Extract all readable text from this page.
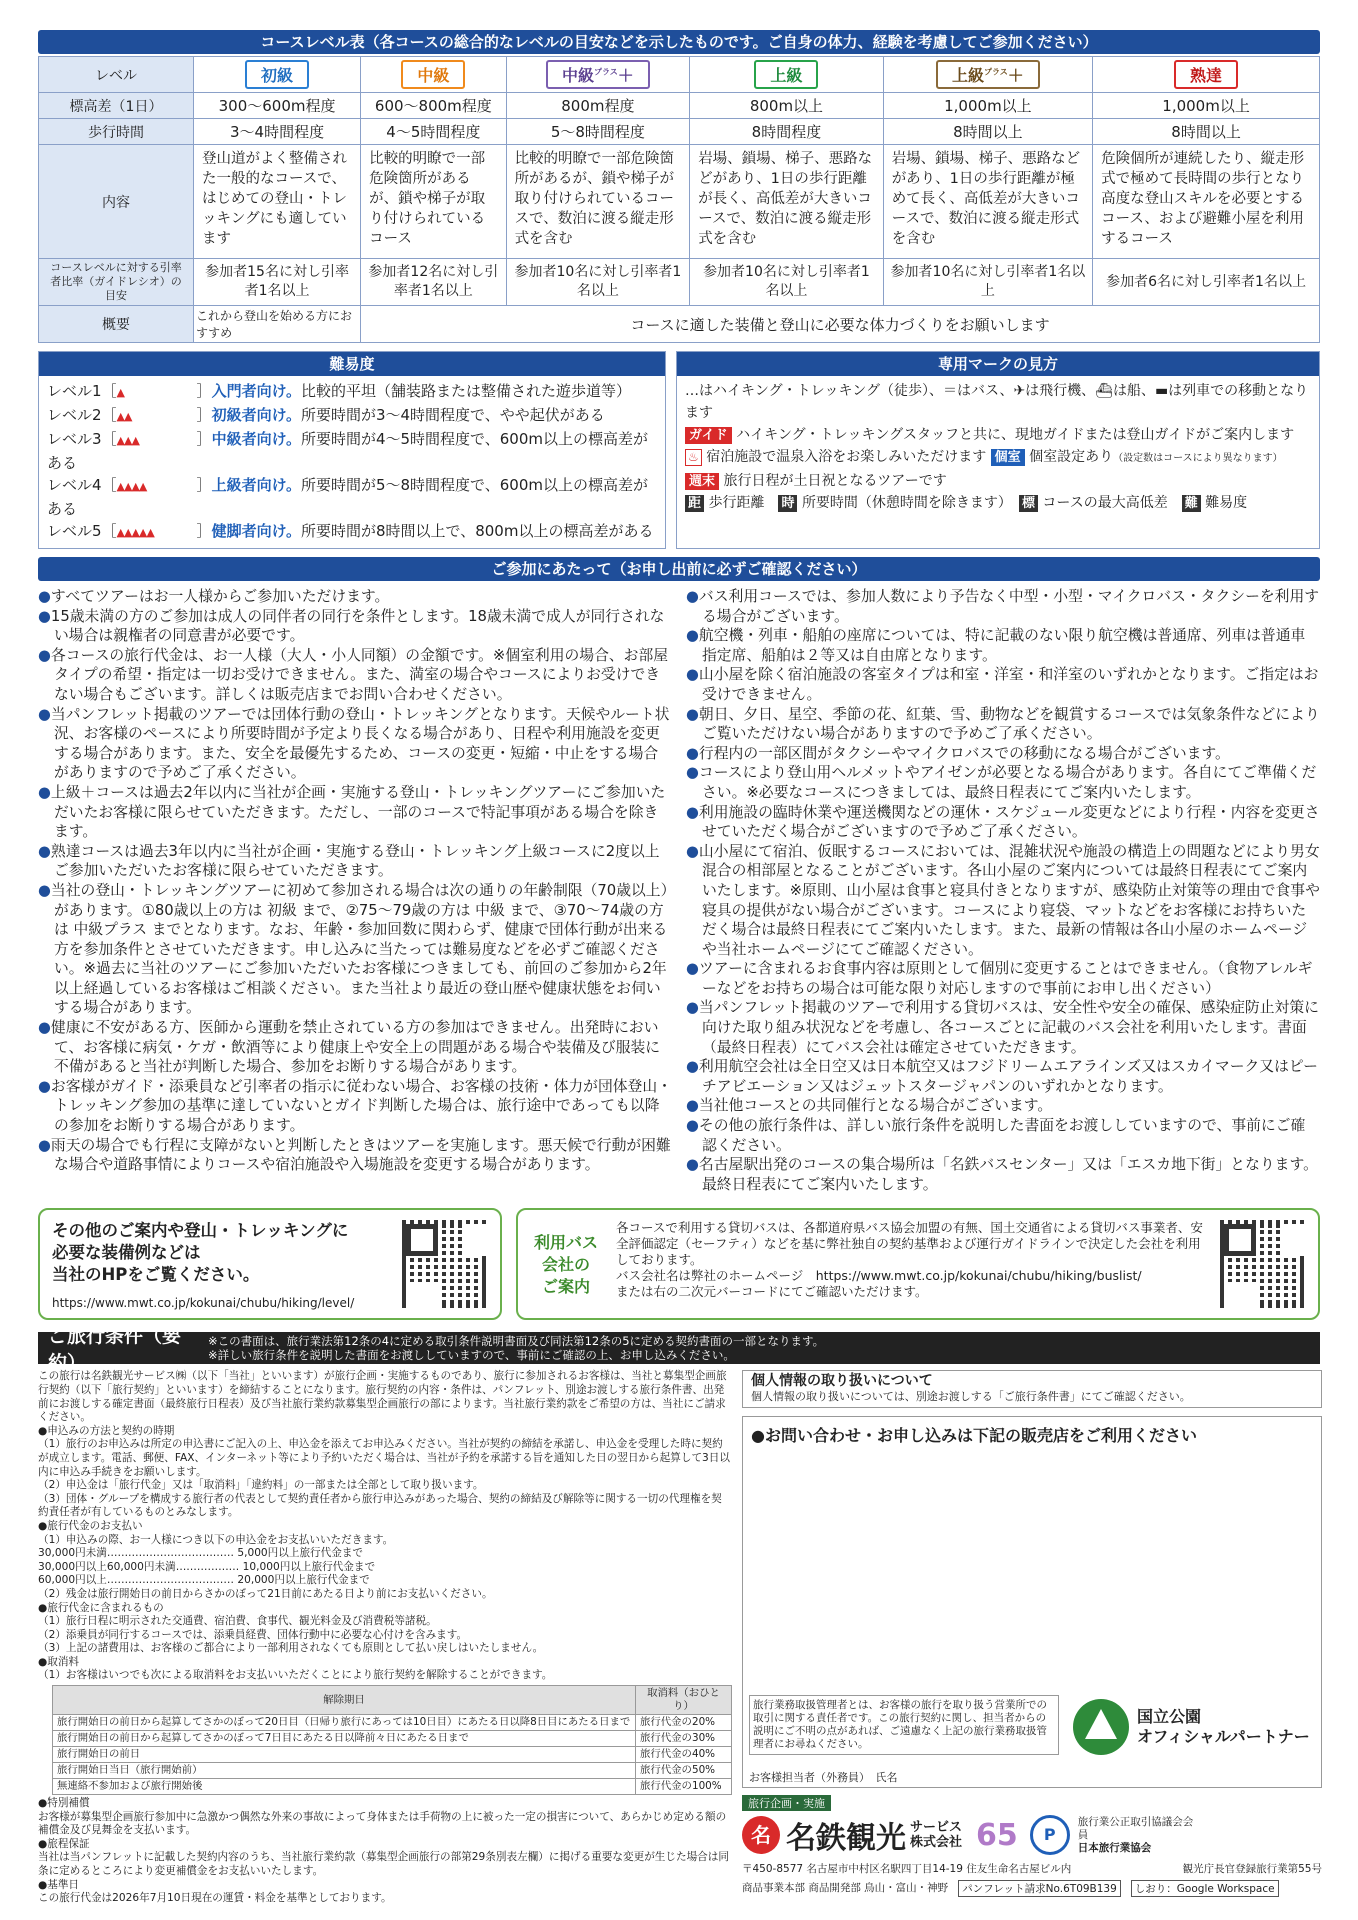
コースレベル表（各コースの総合的なレベルの目安などを示したものです。ご自身の体力、経験を考慮してご参加ください）
レベル	初級	中級	中級$^{プラス}$＋	上級	上級$^{プラス}$＋	熟達
標高差（1日）	300～600m程度	600～800m程度	800m程度	800m以上	1,000m以上	1,000m以上
歩行時間	3～4時間程度	4～5時間程度	5～8時間程度	8時間程度	8時間以上	8時間以上
内容	登山道がよく整備された一般的なコースで、はじめての登山・トレッキングにも適しています	比較的明瞭で一部危険箇所があるが、鎖や梯子が取り付けられているコース	比較的明瞭で一部危険箇所があるが、鎖や梯子が取り付けられているコースで、数泊に渡る縦走形式を含む	岩場、鎖場、梯子、悪路などがあり、1日の歩行距離が長く、高低差が大きいコースで、数泊に渡る縦走形式を含む	岩場、鎖場、梯子、悪路などがあり、1日の歩行距離が極めて長く、高低差が大きいコースで、数泊に渡る縦走形式を含む	危険個所が連続したり、縦走形式で極めて長時間の歩行となり高度な登山スキルを必要とするコース、および避難小屋を利用するコース
コースレベルに対する引率者比率（ガイドレシオ）の目安	参加者15名に対し引率者1名以上	参加者12名に対し引率者1名以上	参加者10名に対し引率者1名以上	参加者10名に対し引率者1名以上	参加者10名に対し引率者1名以上	参加者6名に対し引率者1名以上
概要	これから登山を始める方におすすめ	コースに適した装備と登山に必要な体力づくりをお願いします				
難易度
レベル1［▲	］入門者向け。比較的平坦（舗装路または整備された遊歩道等）
レベル2［▲▲	］初級者向け。所要時間が3～4時間程度で、やや起伏がある
レベル3［▲▲▲	］中級者向け。所要時間が4～5時間程度で、600m以上の標高差がある
レベル4［▲▲▲▲	］上級者向け。所要時間が5～8時間程度で、600m以上の標高差がある
レベル5［▲▲▲▲▲	］健脚者向け。所要時間が8時間以上で、800m以上の標高差がある
専用マークの見方
…はハイキング・トレッキング（徒歩）、＝はバス、✈は飛行機、⛴は船、▬は列車での移動となります
ガイド ハイキング・トレッキングスタッフと共に、現地ガイドまたは登山ガイドがご案内します
♨ 宿泊施設で温泉入浴をお楽しみいただけます 個室 個室設定あり（設定数はコースにより異なります）
週末 旅行日程が土日祝となるツアーです
距 歩行距離　 時 所要時間（休憩時間を除きます）　 標 コースの最大高低差　 難 難易度
ご参加にあたって（お申し出前に必ずご確認ください）

● すべてツアーはお一人様からご参加いただけます。

● 15歳未満の方のご参加は成人の同伴者の同行を条件とします。18歳未満で成人が同行されない場合は親権者の同意書が必要です。

● 各コースの旅行代金は、お一人様（大人・小人同額）の金額です。※個室利用の場合、お部屋タイプの希望・指定は一切お受けできません。また、満室の場合やコースによりお受けできない場合もございます。詳しくは販売店までお問い合わせください。

● 当パンフレット掲載のツアーでは団体行動の登山・トレッキングとなります。天候やルート状況、お客様のペースにより所要時間が予定より長くなる場合があり、日程や利用施設を変更する場合があります。また、安全を最優先するため、コースの変更・短縮・中止をする場合がありますので予めご了承ください。

● 上級＋コースは過去2年以内に当社が企画・実施する登山・トレッキングツアーにご参加いただいたお客様に限らせていただきます。ただし、一部のコースで特記事項がある場合を除きます。

● 熟達コースは過去3年以内に当社が企画・実施する登山・トレッキング上級コースに2度以上ご参加いただいたお客様に限らせていただきます。

● 当社の登山・トレッキングツアーに初めて参加される場合は次の通りの年齢制限（70歳以上）があります。①80歳以上の方は 初級 まで、②75～79歳の方は 中級 まで、③70～74歳の方は 中級プラス までとなります。なお、年齢・参加回数に関わらず、健康で団体行動が出来る方を参加条件とさせていただきます。申し込みに当たっては難易度などを必ずご確認ください。※過去に当社のツアーにご参加いただいたお客様につきましても、前回のご参加から2年以上経過しているお客様はご相談ください。また当社より最近の登山歴や健康状態をお伺いする場合があります。

● 健康に不安がある方、医師から運動を禁止されている方の参加はできません。出発時において、お客様に病気・ケガ・飲酒等により健康上や安全上の問題がある場合や装備及び服装に不備があると当社が判断した場合、参加をお断りする場合があります。

● お客様がガイド・添乗員など引率者の指示に従わない場合、お客様の技術・体力が団体登山・トレッキング参加の基準に達していないとガイド判断した場合は、旅行途中であっても以降の参加をお断りする場合があります。

● 雨天の場合でも行程に支障がないと判断したときはツアーを実施します。悪天候で行動が困難な場合や道路事情によりコースや宿泊施設や入場施設を変更する場合があります。

● バス利用コースでは、参加人数により予告なく中型・小型・マイクロバス・タクシーを利用する場合がございます。

● 航空機・列車・船舶の座席については、特に記載のない限り航空機は普通席、列車は普通車指定席、船舶は２等又は自由席となります。

● 山小屋を除く宿泊施設の客室タイプは和室・洋室・和洋室のいずれかとなります。ご指定はお受けできません。

● 朝日、夕日、星空、季節の花、紅葉、雪、動物などを観賞するコースでは気象条件などによりご覧いただけない場合がありますので予めご了承ください。

● 行程内の一部区間がタクシーやマイクロバスでの移動になる場合がございます。

● コースにより登山用ヘルメットやアイゼンが必要となる場合があります。各自にてご準備ください。※必要なコースにつきましては、最終日程表にてご案内いたします。

● 利用施設の臨時休業や運送機関などの運休・スケジュール変更などにより行程・内容を変更させていただく場合がございますので予めご了承ください。

● 山小屋にて宿泊、仮眠するコースにおいては、混雑状況や施設の構造上の問題などにより男女混合の相部屋となることがございます。各山小屋のご案内については最終日程表にてご案内いたします。※原則、山小屋は食事と寝具付きとなりますが、感染防止対策等の理由で食事や寝具の提供がない場合がございます。コースにより寝袋、マットなどをお客様にお持ちいただく場合は最終日程表にてご案内いたします。また、最新の情報は各山小屋のホームページや当社ホームページにてご確認ください。

● ツアーに含まれるお食事内容は原則として個別に変更することはできません。（食物アレルギーなどをお持ちの場合は可能な限り対応しますので事前にお申し出ください）

● 当パンフレット掲載のツアーで利用する貸切バスは、安全性や安全の確保、感染症防止対策に向けた取り組み状況などを考慮し、各コースごとに記載のバス会社を利用いたします。書面（最終日程表）にてバス会社は確定させていただきます。

● 利用航空会社は全日空又は日本航空又はフジドリームエアラインズ又はスカイマーク又はピーチアビエーション又はジェットスタージャパンのいずれかとなります。

● 当社他コースとの共同催行となる場合がございます。

● その他の旅行条件は、詳しい旅行条件を説明した書面をお渡ししていますので、事前にご確認ください。

● 名古屋駅出発のコースの集合場所は「名鉄バスセンター」又は「エスカ地下街」となります。最終日程表にてご案内いたします。

その他のご案内や登山・トレッキングに
必要な装備例などは
当社のHPをご覧ください。
https://www.mwt.co.jp/kokunai/chubu/hiking/level/
利用バス
会社の
ご案内
各コースで利用する貸切バスは、各都道府県バス協会加盟の有無、国土交通省による貸切バス事業者、安全評価認定（セーフティ）などを基に弊社独自の契約基準および運行ガイドラインで決定した会社を利用しております。
バス会社名は弊社のホームページ　https://www.mwt.co.jp/kokunai/chubu/hiking/buslist/
または右の二次元バーコードにてご確認いただけます。
ご旅行条件（要約）
※この書面は、旅行業法第12条の4に定める取引条件説明書面及び同法第12条の5に定める契約書面の一部となります。
※詳しい旅行条件を説明した書面をお渡ししていますので、事前にご確認の上、お申し込みください。
この旅行は名鉄観光サービス㈱（以下「当社」といいます）が旅行企画・実施するものであり、旅行に参加されるお客様は、当社と募集型企画旅行契約（以下「旅行契約」といいます）を締結することになります。旅行契約の内容・条件は、パンフレット、別途お渡しする旅行条件書、出発前にお渡しする確定書面（最終旅行日程表）及び当社旅行業約款募集型企画旅行の部によります。当社旅行業約款をご希望の方は、当社にご請求ください。
●申込みの方法と契約の時期
（1）旅行のお申込みは所定の申込書にご記入の上、申込金を添えてお申込みください。当社が契約の締結を承諾し、申込金を受理した時に契約が成立します。電話、郵便、FAX、インターネット等により予約いただく場合は、当社が予約を承諾する旨を通知した日の翌日から起算して3日以内に申込み手続きをお願いします。
（2）申込金は「旅行代金」又は「取消料」「違約料」の一部または全部として取り扱います。
（3）団体・グループを構成する旅行者の代表として契約責任者から旅行申込みがあった場合、契約の締結及び解除等に関する一切の代理権を契約責任者が有しているものとみなします。
●旅行代金のお支払い
（1）申込みの際、お一人様につき以下の申込金をお支払いいただきます。
30,000円未満……………………………… 5,000円以上旅行代金まで
30,000円以上60,000円未満……………… 10,000円以上旅行代金まで
60,000円以上……………………………… 20,000円以上旅行代金まで
（2）残金は旅行開始日の前日からさかのぼって21日前にあたる日より前にお支払いください。
●旅行代金に含まれるもの
（1）旅行日程に明示された交通費、宿泊費、食事代、観光料金及び消費税等諸税。
（2）添乗員が同行するコースでは、添乗員経費、団体行動中に必要な心付けを含みます。
（3）上記の諸費用は、お客様のご都合により一部利用されなくても原則として払い戻しはいたしません。
●取消料
（1）お客様はいつでも次による取消料をお支払いいただくことにより旅行契約を解除することができます。
解除期日	取消料（おひとり）
旅行開始日の前日から起算してさかのぼって20日目（日帰り旅行にあっては10日目）にあたる日以降8日目にあたる日まで	旅行代金の20%
旅行開始日の前日から起算してさかのぼって7日目にあたる日以降前々日にあたる日まで	旅行代金の30%
旅行開始日の前日	旅行代金の40%
旅行開始日当日（旅行開始前）	旅行代金の50%
無連絡不参加および旅行開始後	旅行代金の100%
●特別補償
お客様が募集型企画旅行参加中に急激かつ偶然な外来の事故によって身体または手荷物の上に被った一定の損害について、あらかじめ定める額の補償金及び見舞金を支払います。
●旅程保証
当社は当パンフレットに記載した契約内容のうち、当社旅行業約款（募集型企画旅行の部第29条別表左欄）に掲げる重要な変更が生じた場合は同条に定めるところにより変更補償金をお支払いいたします。
●基準日
この旅行代金は2026年7月10日現在の運賃・料金を基準としております。
個人情報の取り扱いについて
個人情報の取り扱いについては、別途お渡しする「ご旅行条件書」にてご確認ください。
●お問い合わせ・お申し込みは下記の販売店をご利用ください
旅行業務取扱管理者とは、お客様の旅行を取り扱う営業所での取引に関する責任者です。この旅行契約に関し、担当者からの説明にご不明の点があれば、ご遠慮なく上記の旅行業務取扱管理者にお尋ねください。
お客様担当者（外務員）　氏名
国立公園
オフィシャルパートナー
旅行企画・実施
名 名鉄観光 サービス
株式会社 65	P
旅行業公正取引協議会会員
日本旅行業協会
〒450-8577 名古屋市中村区名駅四丁目14-19 住友生命名古屋ビル内	観光庁長官登録旅行業第55号
商品事業本部 商品開発部 鳥山・富山・神野	パンフレット請求No.6T09B139	しおり：Google Workspace
